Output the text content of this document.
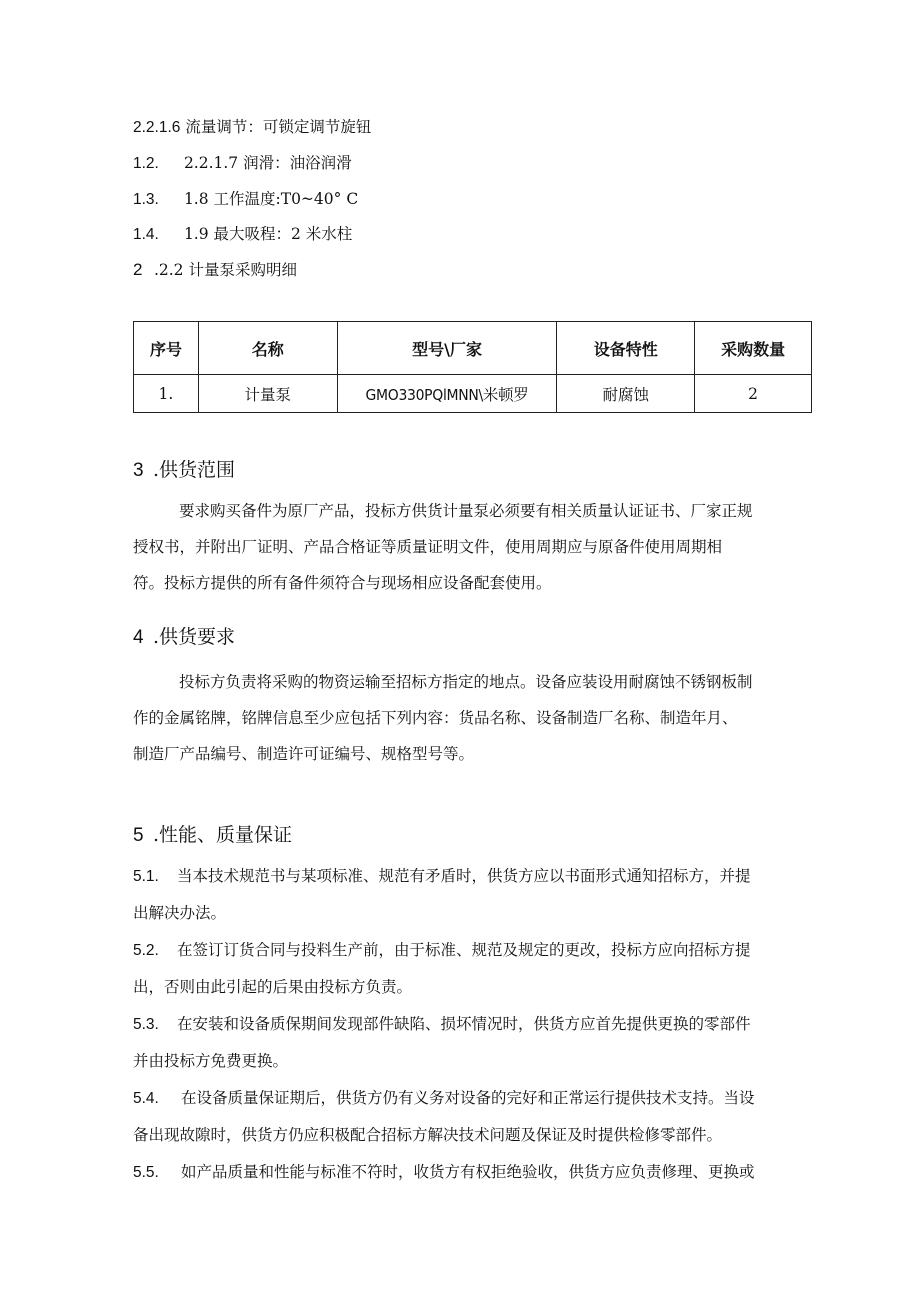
2.2.1.6 流量调节：可锁定调节旋钮
1.2. 2.2.1.7 润滑：油浴润滑
1.3. 1.8 工作温度:T0~40° C
1.4. 1.9 最大吸程：2 米水柱
2 .2.2 计量泵采购明细
序号	名称	型号\厂家	设备特性	采购数量
1.	计量泵	GMO330PQlMNN\米顿罗	耐腐蚀	2
3 .供货范围

要求购买备件为原厂产品，投标方供货计量泵必须要有相关质量认证证书、厂家正规

授权书，并附出厂证明、产品合格证等质量证明文件，使用周期应与原备件使用周期相

符。投标方提供的所有备件须符合与现场相应设备配套使用。

4 .供货要求

投标方负责将采购的物资运输至招标方指定的地点。设备应装设用耐腐蚀不锈钢板制

作的金属铭牌，铭牌信息至少应包括下列内容：货品名称、设备制造厂名称、制造年月、

制造厂产品编号、制造许可证编号、规格型号等。

5 .性能、质量保证
5.1. 当本技术规范书与某项标准、规范有矛盾时，供货方应以书面形式通知招标方，并提
出解决办法。
5.2. 在签订订货合同与投料生产前，由于标准、规范及规定的更改，投标方应向招标方提
出，否则由此引起的后果由投标方负责。
5.3. 在安装和设备质保期间发现部件缺陷、损坏情况时，供货方应首先提供更换的零部件
并由投标方免费更换。
5.4. 在设备质量保证期后，供货方仍有义务对设备的完好和正常运行提供技术支持。当设
备出现故隙时，供货方仍应积极配合招标方解决技术问题及保证及时提供检修零部件。
5.5. 如产品质量和性能与标准不符时，收货方有权拒绝验收，供货方应负责修理、更换或
